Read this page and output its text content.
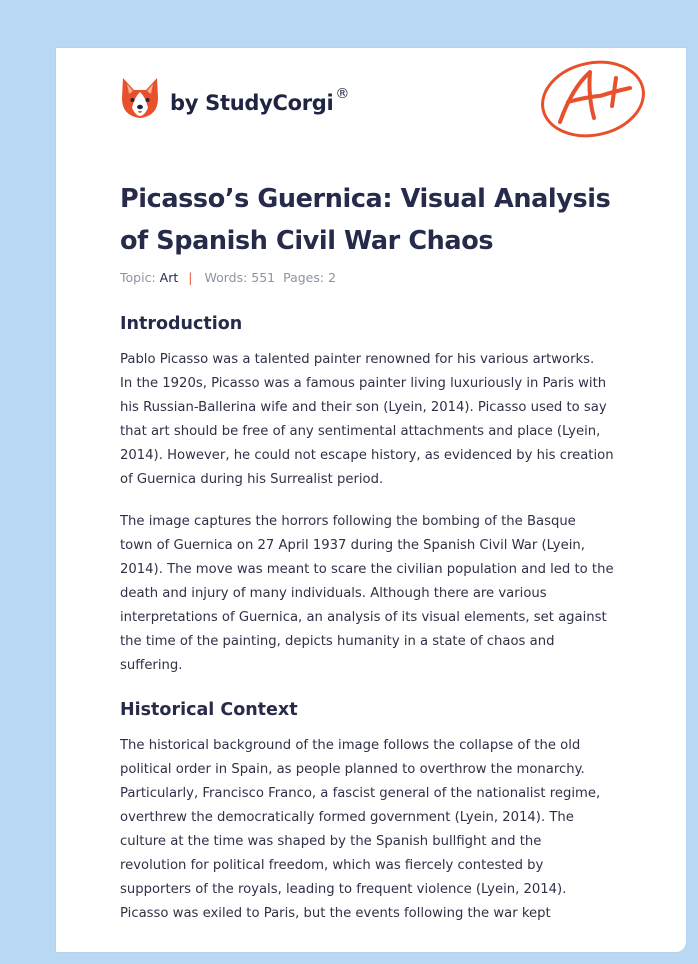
by StudyCorgi ®
A+
Picasso’s Guernica: Visual Analysis of Spanish Civil War Chaos
Topic: Art | Words: 551 Pages: 2
Introduction

Pablo Picasso was a talented painter renowned for his various artworks.
In the 1920s, Picasso was a famous painter living luxuriously in Paris with
his Russian-Ballerina wife and their son (Lyein, 2014). Picasso used to say
that art should be free of any sentimental attachments and place (Lyein,
2014). However, he could not escape history, as evidenced by his creation
of Guernica during his Surrealist period.

The image captures the horrors following the bombing of the Basque
town of Guernica on 27 April 1937 during the Spanish Civil War (Lyein,
2014). The move was meant to scare the civilian population and led to the
death and injury of many individuals. Although there are various
interpretations of Guernica, an analysis of its visual elements, set against
the time of the painting, depicts humanity in a state of chaos and
suffering.

Historical Context

The historical background of the image follows the collapse of the old
political order in Spain, as people planned to overthrow the monarchy.
Particularly, Francisco Franco, a fascist general of the nationalist regime,
overthrew the democratically formed government (Lyein, 2014). The
culture at the time was shaped by the Spanish bullfight and the
revolution for political freedom, which was fiercely contested by
supporters of the royals, leading to frequent violence (Lyein, 2014).
Picasso was exiled to Paris, but the events following the war kept
